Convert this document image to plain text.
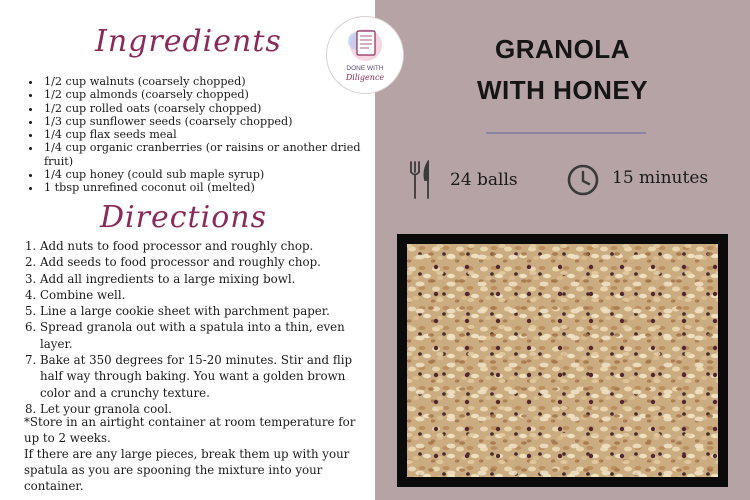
Ingredients
DONE WITH
Diligence
• 1/2 cup walnuts (coarsely chopped)
• 1/2 cup almonds (coarsely chopped)
• 1/2 cup rolled oats (coarsely chopped)
• 1/3 cup sunflower seeds (coarsely chopped)
• 1/4 cup flax seeds meal
• 1/4 cup organic cranberries (or raisins or another dried fruit)
• 1/4 cup honey (could sub maple syrup)
• 1 tbsp unrefined coconut oil (melted)
Directions
1. Add nuts to food processor and roughly chop.
2. Add seeds to food processor and roughly chop.
3. Add all ingredients to a large mixing bowl.
4. Combine well.
5. Line a large cookie sheet with parchment paper.
6. Spread granola out with a spatula into a thin, even layer.
7. Bake at 350 degrees for 15-20 minutes. Stir and flip half way through baking. You want a golden brown color and a crunchy texture.
8. Let your granola cool.

*Store in an airtight container at room temperature for up to 2 weeks.

If there are any large pieces, break them up with your spatula as you are spooning the mixture into your container.

GRANOLA
WITH HONEY
24 balls	15 minutes
